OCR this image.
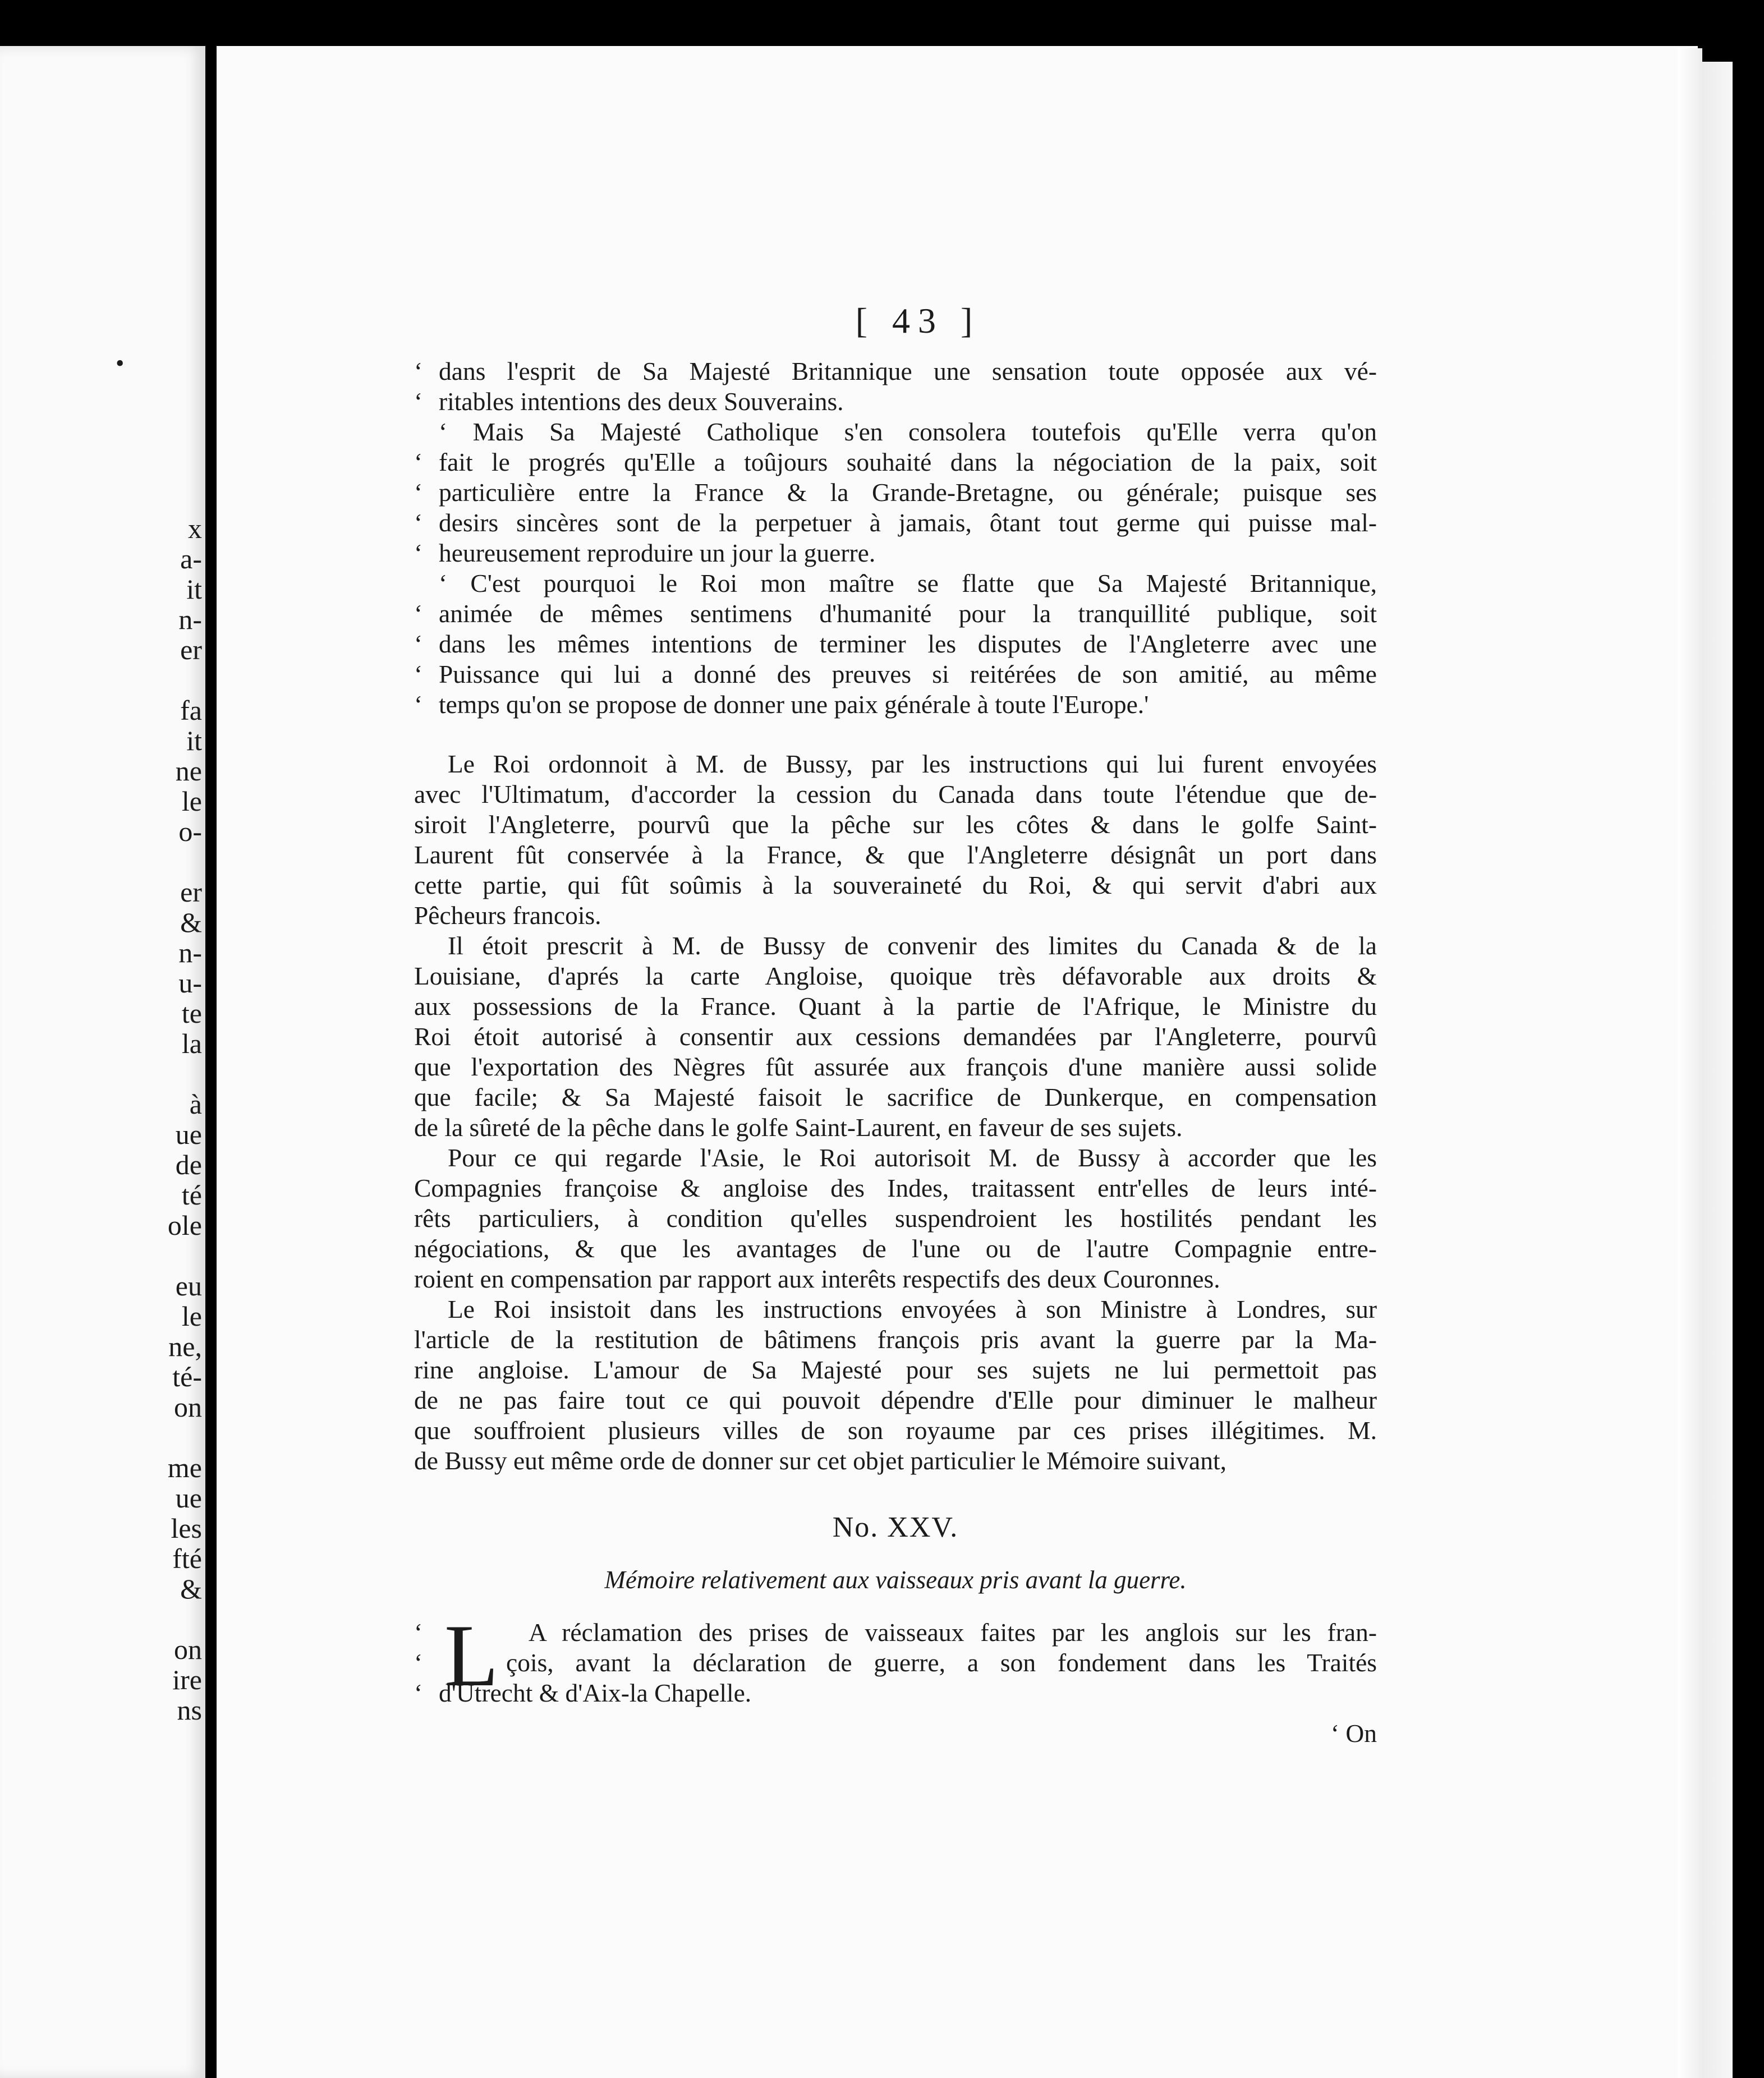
x
a-
it
n-
er
fa
it
ne
le
o-
er
&
n-
u-
te
la
à
ue
de
té
ole
eu
le
ne,
té-
on
me
ue
les
fté
&
on
ire
ns
•
[ 43 ]
‘ dans l'esprit de Sa Majesté Britannique une sensation toute opposée aux vé-
‘ ritables intentions des deux Souverains.
‘ Mais Sa Majesté Catholique s'en consolera toutefois qu'Elle verra qu'on
‘ fait le progrés qu'Elle a toûjours souhaité dans la négociation de la paix, soit
‘ particulière entre la France & la Grande-Bretagne, ou générale; puisque ses
‘ desirs sincères sont de la perpetuer à jamais, ôtant tout germe qui puisse mal-
‘ heureusement reproduire un jour la guerre.
‘ C'est pourquoi le Roi mon maître se flatte que Sa Majesté Britannique,
‘ animée de mêmes sentimens d'humanité pour la tranquillité publique, soit
‘ dans les mêmes intentions de terminer les disputes de l'Angleterre avec une
‘ Puissance qui lui a donné des preuves si reitérées de son amitié, au même
‘ temps qu'on se propose de donner une paix générale à toute l'Europe.'
Le Roi ordonnoit à M. de Bussy, par les instructions qui lui furent envoyées
avec l'Ultimatum, d'accorder la cession du Canada dans toute l'étendue que de-
siroit l'Angleterre, pourvû que la pêche sur les côtes & dans le golfe Saint-
Laurent fût conservée à la France, & que l'Angleterre désignât un port dans
cette partie, qui fût soûmis à la souveraineté du Roi, & qui servit d'abri aux
Pêcheurs francois.
Il étoit prescrit à M. de Bussy de convenir des limites du Canada & de la
Louisiane, d'aprés la carte Angloise, quoique très défavorable aux droits &
aux possessions de la France. Quant à la partie de l'Afrique, le Ministre du
Roi étoit autorisé à consentir aux cessions demandées par l'Angleterre, pourvû
que l'exportation des Nègres fût assurée aux françois d'une manière aussi solide
que facile; & Sa Majesté faisoit le sacrifice de Dunkerque, en compensation
de la sûreté de la pêche dans le golfe Saint-Laurent, en faveur de ses sujets.
Pour ce qui regarde l'Asie, le Roi autorisoit M. de Bussy à accorder que les
Compagnies françoise & angloise des Indes, traitassent entr'elles de leurs inté-
rêts particuliers, à condition qu'elles suspendroient les hostilités pendant les
négociations, & que les avantages de l'une ou de l'autre Compagnie entre-
roient en compensation par rapport aux interêts respectifs des deux Couronnes.
Le Roi insistoit dans les instructions envoyées à son Ministre à Londres, sur
l'article de la restitution de bâtimens françois pris avant la guerre par la Ma-
rine angloise. L'amour de Sa Majesté pour ses sujets ne lui permettoit pas
de ne pas faire tout ce qui pouvoit dépendre d'Elle pour diminuer le malheur
que souffroient plusieurs villes de son royaume par ces prises illégitimes. M.
de Bussy eut même orde de donner sur cet objet particulier le Mémoire suivant,
No. XXV.
Mémoire relativement aux vaisseaux pris avant la guerre.
L
‘	A réclamation des prises de vaisseaux faites par les anglois sur les fran-
‘	çois, avant la déclaration de guerre, a son fondement dans les Traités
‘ d'Utrecht & d'Aix-la Chapelle.
‘ On
